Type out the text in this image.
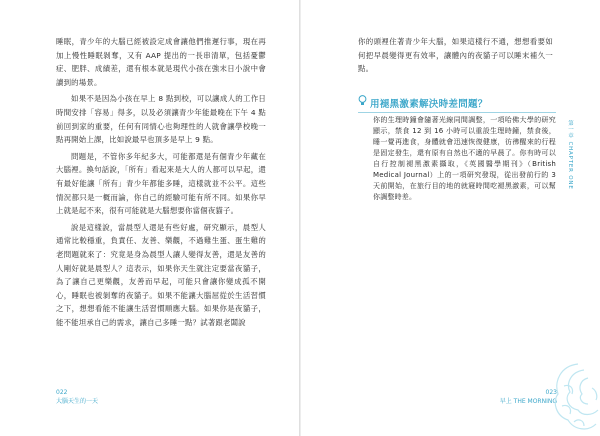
睡眠，青少年的大腦已經被設定成會讓他們推遲行事，現在再加上慢性睡眠剝奪，又有 AAP 提出的一長串清單，包括憂鬱症、肥胖、成績差，還有根本就是現代小孩在強末日小說中會讀到的場景。

如果不是因為小孩在早上 8 點到校，可以讓成人的工作日時間安排「容易」得多，以及必須讓青少年能最晚在下午 4 點前回到家的重要，任何有同情心也夠理性的人就會讓學校晚一點再開始上課，比如說最早也頂多是早上 9 點。

問題是，不管你多年紀多大，可能都還是有個青少年藏在大腦裡。換句話說，「所有」看起來是大人的人都可以早起，還有最好能讓「所有」青少年都能多睡，這樣就並不公平。這些情況都只是一概而論，你自己的經驗可能有所不同。如果你早上就是起不來，很有可能就是大腦想要你當個夜貓子。

說是這樣說，當晨型人還是有些好處，研究顯示，晨型人通常比較穩重，負責任、友善、樂觀，不過雞生蛋、蛋生雞的老問題就來了：究竟是身為晨型人讓人變得友善，還是友善的人剛好就是晨型人？這表示，如果你天生就注定要當夜貓子，為了讓自己更樂觀，友善而早起，可能只會讓你變成孤不開心，睡眠也被剝奪的夜貓子。如果不能讓大腦屈從於生活習慣之下，想想看能不能讓生活習慣順應大腦。如果你是夜貓子，能不能坦承自己的需求，讓自己多睡一點？試著跟老闆說

022
大腦天生的一天

你的頭裡住著青少年大腦，如果這樣行不通，想想看要如何把早晨變得更有效率，讓體內的夜貓子可以睡末補久一點。

用褪黑激素解決時差問題？
你的生理時鐘會隨著光線同間調整，一項哈佛大學的研究顯示，禁食 12 到 16 小時可以重設生理時鐘，禁食後，睡一覺再進食，身體就會迅速恢復健康，彷彿醒來的行程是固定發生，還有原有自然也不適的早晨了。你有時可以自行控制褪黑激素攝取，《英國醫學期刊》（British Medical Journal）上的一項研究發現，從出發前行的 3 天前開始，在旅行目的地的就寢時間吃褪黑激素，可以幫你調整時差。
第一章 CHAPTER ONE
023
早上 THE MORNING
